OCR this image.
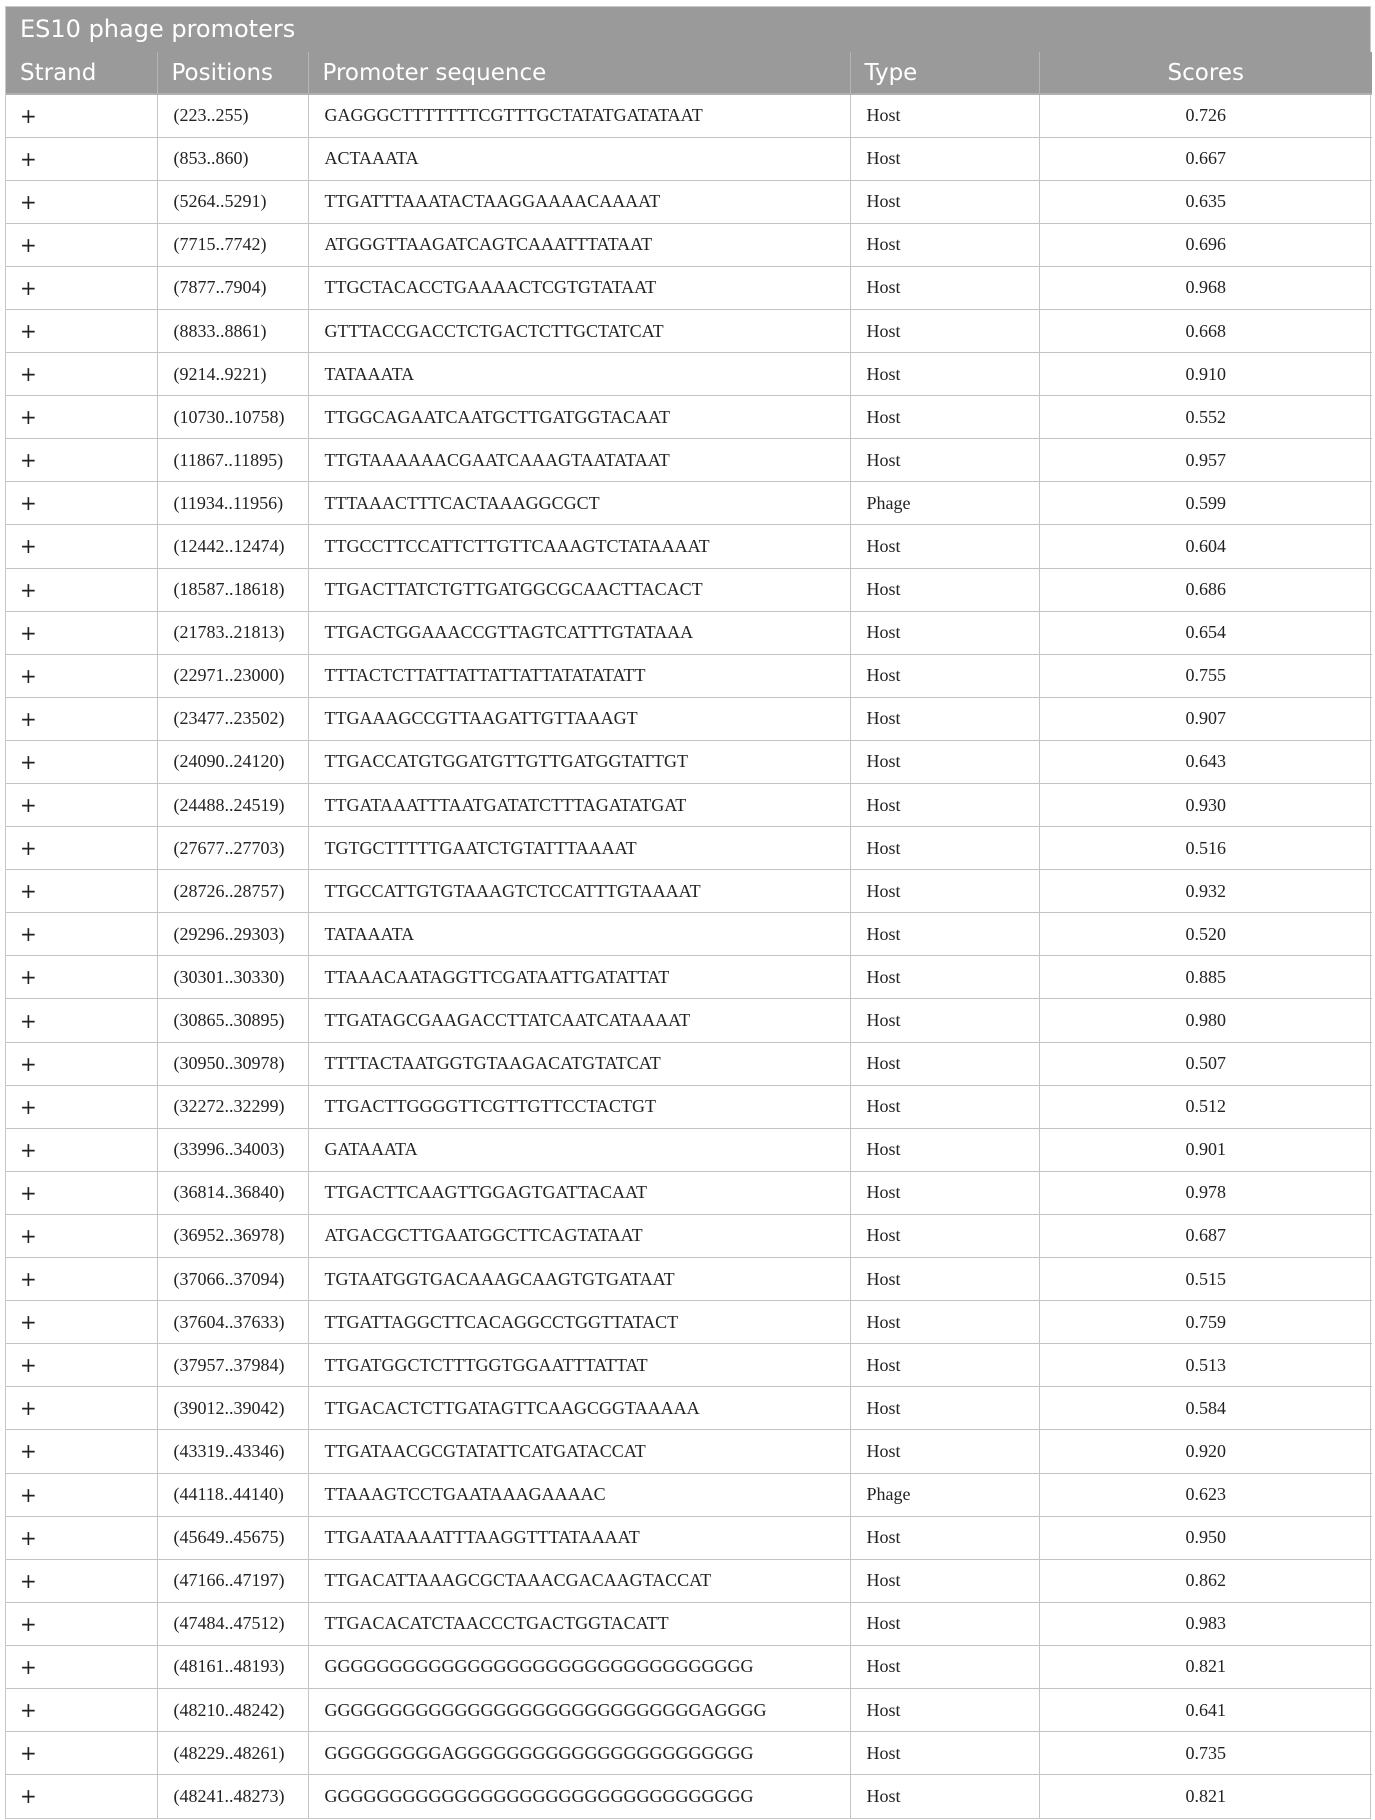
ES10 phage promoters
Strand	Positions	Promoter sequence	Type	Scores
+	(223..255)	GAGGGCTTTTTTTCGTTTGCTATATGATATAAT	Host	0.726
+	(853..860)	ACTAAATA	Host	0.667
+	(5264..5291)	TTGATTTAAATACTAAGGAAAACAAAAT	Host	0.635
+	(7715..7742)	ATGGGTTAAGATCAGTCAAATTTATAAT	Host	0.696
+	(7877..7904)	TTGCTACACCTGAAAACTCGTGTATAAT	Host	0.968
+	(8833..8861)	GTTTACCGACCTCTGACTCTTGCTATCAT	Host	0.668
+	(9214..9221)	TATAAATA	Host	0.910
+	(10730..10758)	TTGGCAGAATCAATGCTTGATGGTACAAT	Host	0.552
+	(11867..11895)	TTGTAAAAAACGAATCAAAGTAATATAAT	Host	0.957
+	(11934..11956)	TTTAAACTTTCACTAAAGGCGCT	Phage	0.599
+	(12442..12474)	TTGCCTTCCATTCTTGTTCAAAGTCTATAAAAT	Host	0.604
+	(18587..18618)	TTGACTTATCTGTTGATGGCGCAACTTACACT	Host	0.686
+	(21783..21813)	TTGACTGGAAACCGTTAGTCATTTGTATAAA	Host	0.654
+	(22971..23000)	TTTACTCTTATTATTATTATTATATATATT	Host	0.755
+	(23477..23502)	TTGAAAGCCGTTAAGATTGTTAAAGT	Host	0.907
+	(24090..24120)	TTGACCATGTGGATGTTGTTGATGGTATTGT	Host	0.643
+	(24488..24519)	TTGATAAATTTAATGATATCTTTAGATATGAT	Host	0.930
+	(27677..27703)	TGTGCTTTTTGAATCTGTATTTAAAAT	Host	0.516
+	(28726..28757)	TTGCCATTGTGTAAAGTCTCCATTTGTAAAAT	Host	0.932
+	(29296..29303)	TATAAATA	Host	0.520
+	(30301..30330)	TTAAACAATAGGTTCGATAATTGATATTAT	Host	0.885
+	(30865..30895)	TTGATAGCGAAGACCTTATCAATCATAAAAT	Host	0.980
+	(30950..30978)	TTTTACTAATGGTGTAAGACATGTATCAT	Host	0.507
+	(32272..32299)	TTGACTTGGGGTTCGTTGTTCCTACTGT	Host	0.512
+	(33996..34003)	GATAAATA	Host	0.901
+	(36814..36840)	TTGACTTCAAGTTGGAGTGATTACAAT	Host	0.978
+	(36952..36978)	ATGACGCTTGAATGGCTTCAGTATAAT	Host	0.687
+	(37066..37094)	TGTAATGGTGACAAAGCAAGTGTGATAAT	Host	0.515
+	(37604..37633)	TTGATTAGGCTTCACAGGCCTGGTTATACT	Host	0.759
+	(37957..37984)	TTGATGGCTCTTTGGTGGAATTTATTAT	Host	0.513
+	(39012..39042)	TTGACACTCTTGATAGTTCAAGCGGTAAAAA	Host	0.584
+	(43319..43346)	TTGATAACGCGTATATTCATGATACCAT	Host	0.920
+	(44118..44140)	TTAAAGTCCTGAATAAAGAAAAC	Phage	0.623
+	(45649..45675)	TTGAATAAAATTTAAGGTTTATAAAAT	Host	0.950
+	(47166..47197)	TTGACATTAAAGCGCTAAACGACAAGTACCAT	Host	0.862
+	(47484..47512)	TTGACACATCTAACCCTGACTGGTACATT	Host	0.983
+	(48161..48193)	GGGGGGGGGGGGGGGGGGGGGGGGGGGGGGGGG	Host	0.821
+	(48210..48242)	GGGGGGGGGGGGGGGGGGGGGGGGGGGGGAGGGG	Host	0.641
+	(48229..48261)	GGGGGGGGGAGGGGGGGGGGGGGGGGGGGGGGG	Host	0.735
+	(48241..48273)	GGGGGGGGGGGGGGGGGGGGGGGGGGGGGGGGG	Host	0.821
